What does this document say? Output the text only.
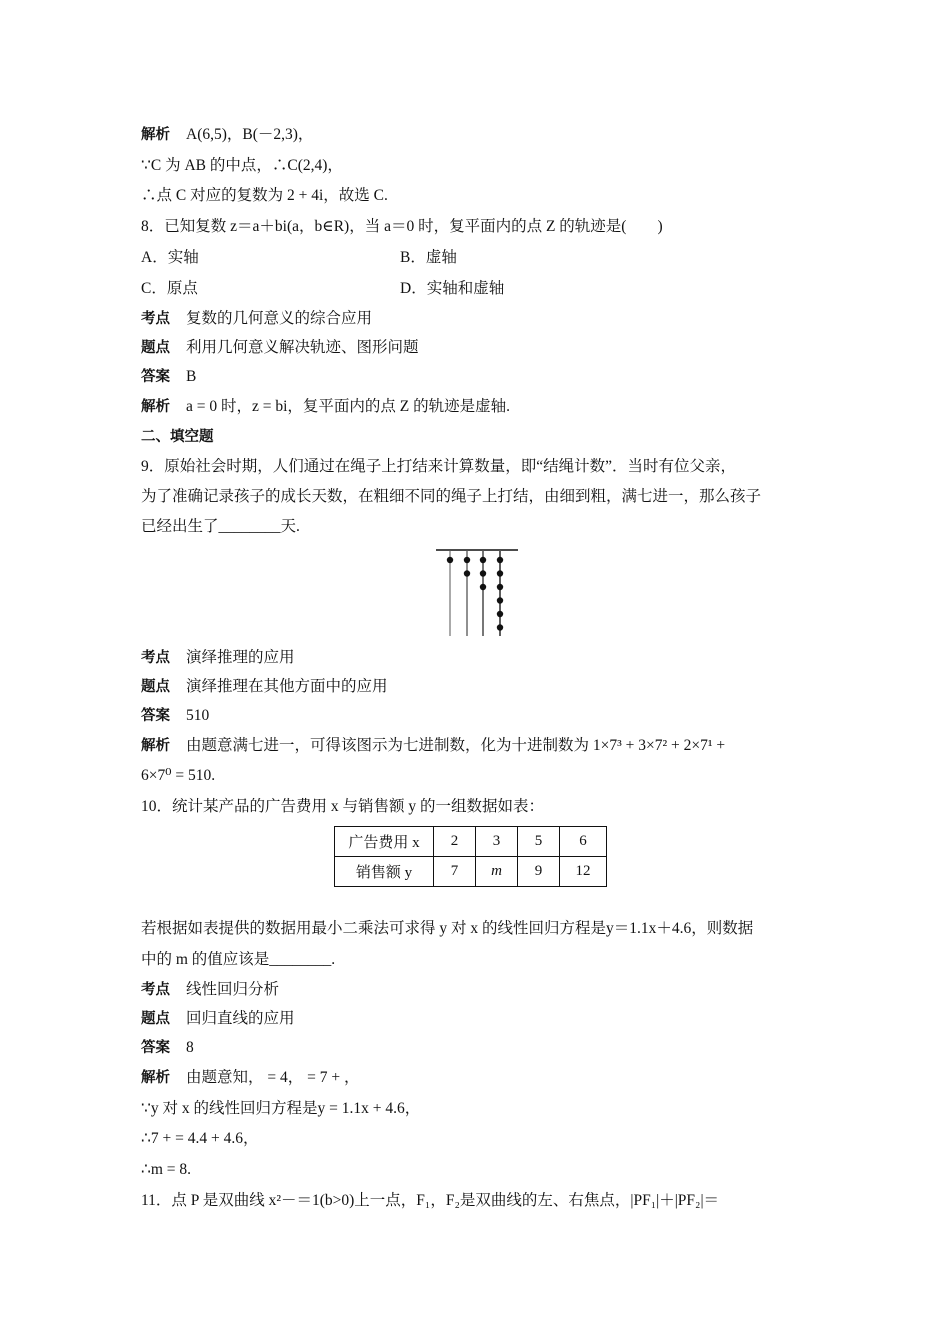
解析 A(6,5)，B(－2,3)，
∵C 为 AB 的中点，∴C(2,4)，
∴点 C 对应的复数为 2 + 4i，故选 C.
8．已知复数 z＝a＋bi(a，b∈R)，当 a＝0 时，复平面内的点 Z 的轨迹是(　　)
A．实轴	B．虚轴
C．原点	D．实轴和虚轴
考点 复数的几何意义的综合应用
题点 利用几何意义解决轨迹、图形问题
答案 B
解析 a = 0 时，z = bi，复平面内的点 Z 的轨迹是虚轴.
二、填空题
9．原始社会时期，人们通过在绳子上打结来计算数量，即“结绳计数”．当时有位父亲，
为了准确记录孩子的成长天数，在粗细不同的绳子上打结，由细到粗，满七进一，那么孩子
已经出生了________天.
考点 演绎推理的应用
题点 演绎推理在其他方面中的应用
答案 510
解析 由题意满七进一，可得该图示为七进制数，化为十进制数为 1×7³ + 3×7² + 2×7¹ +
6×7⁰ = 510.
10．统计某产品的广告费用 x 与销售额 y 的一组数据如表：
广告费用 x	2	3	5	6
销售额 y	7	m	9	12
若根据如表提供的数据用最小二乘法可求得 y 对 x 的线性回归方程是y＝1.1x＋4.6，则数据
中的 m 的值应该是________.
考点 线性回归分析
题点 回归直线的应用
答案 8
解析 由题意知， = 4， = 7 + ，
∵y 对 x 的线性回归方程是y = 1.1x + 4.6，
∴7 + = 4.4 + 4.6，
∴m = 8.
11．点 P 是双曲线 x²－＝1(b>0)上一点，F₁，F₂是双曲线的左、右焦点，|PF₁|＋|PF₂|＝
